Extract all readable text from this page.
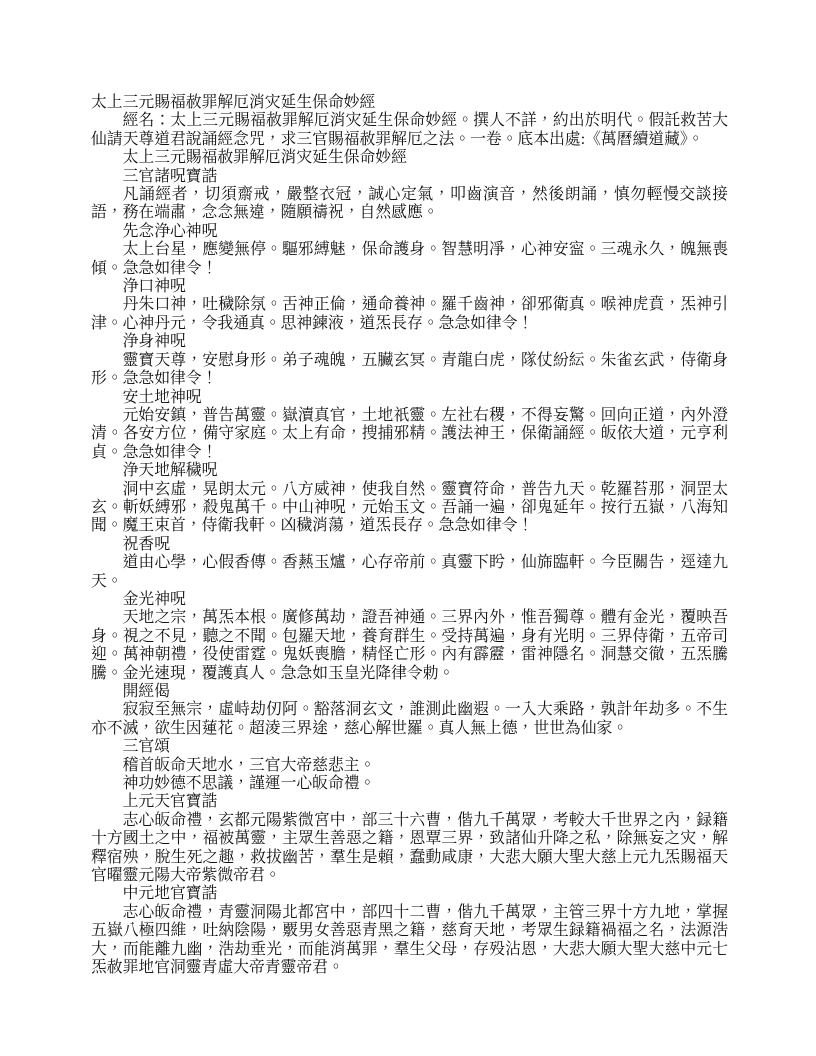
太上三元賜福赦罪解厄消灾延生保命妙經

經名：太上三元賜福赦罪解厄消灾延生保命妙經。撰人不詳，約出於明代。假託救苦大仙請天尊道君說誦經念咒，求三官賜福赦罪解厄之法。一卷。底本出處:《萬曆續道藏》。

太上三元賜福赦罪解厄消灾延生保命妙經

三官諸呪寶誥

凡誦經者，切須齋戒，嚴整衣冠，誠心定氣，叩齒演音，然後朗誦，慎勿輕慢交談接語，務在端肅，念念無違，隨願禱祝，自然感應。

先念浄心神呪

太上台星，應變無停。驅邪縛魅，保命護身。智慧明凈，心神安寍。三魂永久，魄無喪傾。急急如律令！

浄口神呪

丹朱口神，吐穢除氛。舌神正倫，通命養神。羅千齒神，卻邪衛真。喉神虎賁，炁神引津。心神丹元，令我通真。思神鍊液，道炁長存。急急如律令！

浄身神呪

靈寶天尊，安慰身形。弟子魂魄，五臟玄冥。青龍白虎，隊仗紛紜。朱雀玄武，侍衛身形。急急如律令！

安土地神呪

元始安鎮，普告萬靈。嶽瀆真官，土地祇靈。左社右稷，不得妄驚。回向正道，內外澄清。各安方位，備守家庭。太上有命，搜捕邪精。護法神王，保衛誦經。皈依大道，元亨利貞。急急如律令！

浄天地解穢呪

洞中玄虛，晃朗太元。八方威神，使我自然。靈寶符命，普告九天。乾羅苔那，洞罡太玄。斬妖縛邪，殺鬼萬千。中山神呪，元始玉文。吾誦一遍，卻鬼延年。按行五嶽，八海知聞。魔王束首，侍衛我軒。凶穢消蕩，道炁長存。急急如律令！

祝香呪

道由心學，心假香傳。香爇玉爐，心存帝前。真靈下盻，仙旆臨軒。今臣關告，逕達九天。

金光神呪

天地之宗，萬炁本根。廣修萬劫，證吾神通。三界內外，惟吾獨尊。體有金光，覆映吾身。視之不見，聽之不聞。包羅天地，養育群生。受持萬遍，身有光明。三界侍衛，五帝司迎。萬神朝禮，役使雷霆。鬼妖喪膽，精怪亡形。內有霹靂，雷神隱名。洞慧交徹，五炁騰騰。金光速現，覆護真人。急急如玉皇光降律令勅。

開經偈

寂寂至無宗，虛峙劫仞阿。豁落洞玄文，誰測此幽遐。一入大乘路，孰計年劫多。不生亦不滅，欲生因蓮花。超淩三界途，慈心解世羅。真人無上德，世世為仙家。

三官頌

稽首皈命天地水，三官大帝慈悲主。

神功妙德不思議，謹運一心皈命禮。

上元天官寶誥

志心皈命禮，玄都元陽紫微宮中，部三十六曹，偕九千萬眾，考較大千世界之內，録籍十方國土之中，福被萬靈，主眾生善惡之籍，恩覃三界，致諸仙升降之私，除無妄之灾，解釋宿殃，脫生死之趣，救拔幽苦，羣生是賴，蠢動咸康，大悲大願大聖大慈上元九炁賜福天官曜靈元陽大帝紫微帝君。

中元地官寶誥

志心皈命禮，青靈洞陽北都宮中，部四十二曹，偕九千萬眾，主管三界十方九地，掌握五嶽八極四維，吐納陰陽，覈男女善惡青黑之籍，慈育天地，考眾生録籍禍福之名，法源浩大，而能離九幽，浩劫垂光，而能消萬罪，羣生父母，存殁沾恩，大悲大願大聖大慈中元七炁赦罪地官洞靈青虛大帝青靈帝君。
